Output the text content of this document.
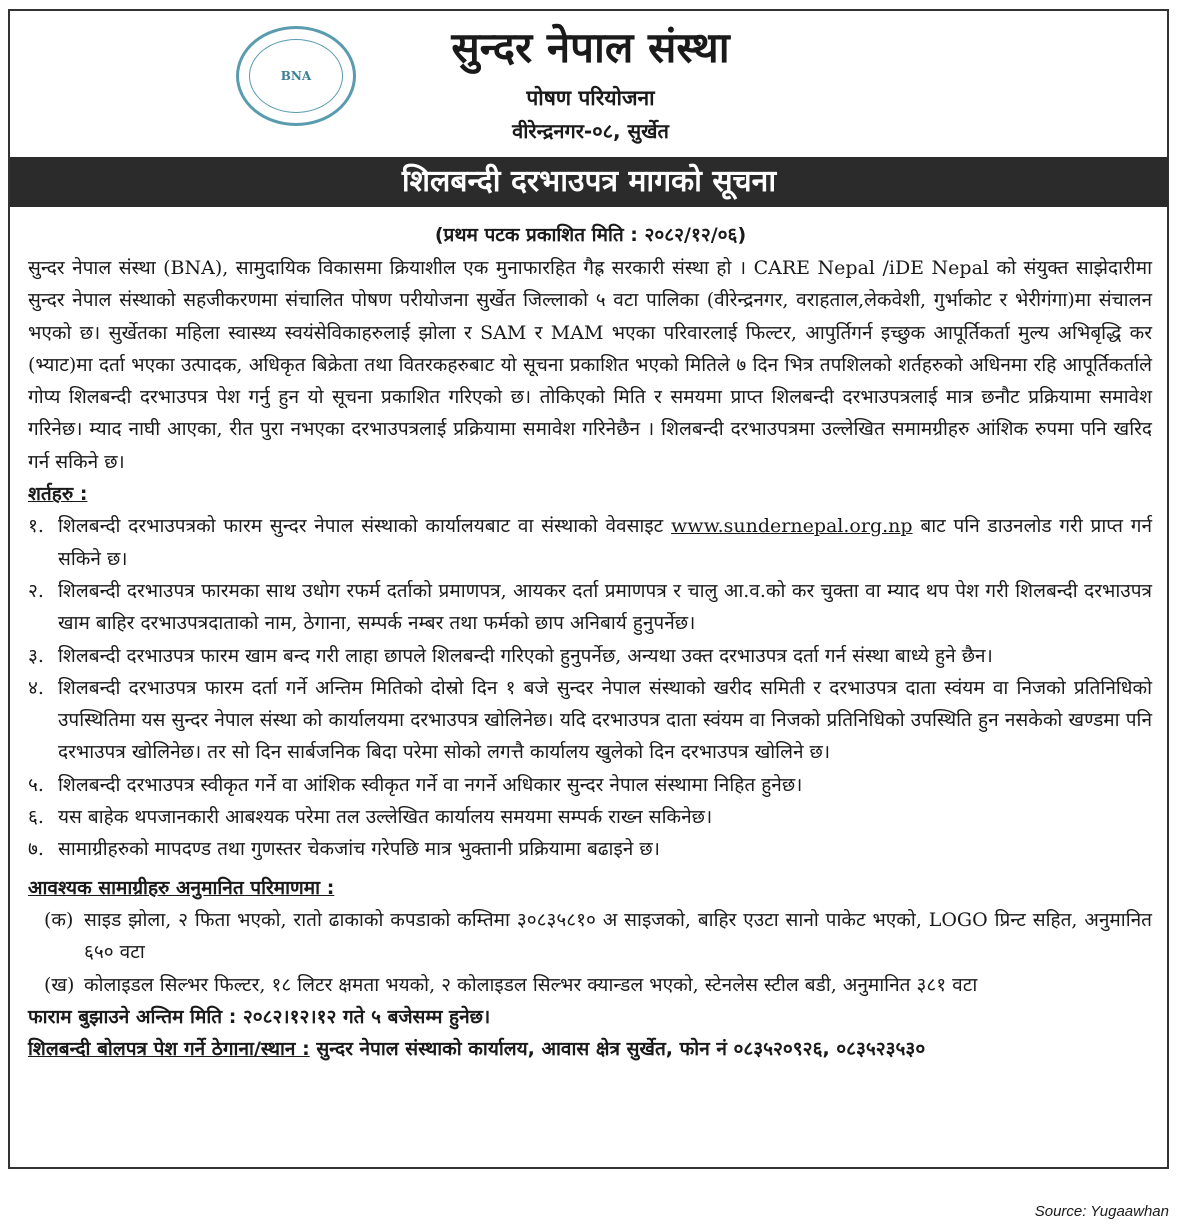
BNA
सुन्दर नेपाल संस्था
पोषण परियोजना
वीरेन्द्रनगर-०८, सुर्खेत
शिलबन्दी दरभाउपत्र मागको सूचना
(प्रथम पटक प्रकाशित मिति : २०८२/१२/०६)

सुन्दर नेपाल संस्था (BNA), सामुदायिक विकासमा क्रियाशील एक मुनाफारहित गैह्र सरकारी संस्था हो । CARE Nepal /iDE Nepal को संयुक्त साझेदारीमा सुन्दर नेपाल संस्थाको सहजीकरणमा संचालित पोषण परीयोजना सुर्खेत जिल्लाको ५ वटा पालिका (वीरेन्द्रनगर, वराहताल,लेकवेशी, गुर्भाकोट र भेरीगंगा)मा संचालन भएको छ। सुर्खेतका महिला स्वास्थ्य स्वयंसेविकाहरुलाई झोला र SAM र MAM भएका परिवारलाई फिल्टर, आपुर्तिगर्न इच्छुक आपूर्तिकर्ता मुल्य अभिबृद्धि कर (भ्याट)मा दर्ता भएका उत्पादक, अधिकृत बिक्रेता तथा वितरकहरुबाट यो सूचना प्रकाशित भएको मितिले ७ दिन भित्र तपशिलको शर्तहरुको अधिनमा रहि आपूर्तिकर्ताले गोप्य शिलबन्दी दरभाउपत्र पेश गर्नु हुन यो सूचना प्रकाशित गरिएको छ। तोकिएको मिति र समयमा प्राप्त शिलबन्दी दरभाउपत्रलाई मात्र छनौट प्रक्रियामा समावेश गरिनेछ। म्याद नाघी आएका, रीत पुरा नभएका दरभाउपत्रलाई प्रक्रियामा समावेश गरिनेछैन । शिलबन्दी दरभाउपत्रमा उल्लेखित समामग्रीहरु आंशिक रुपमा पनि खरिद गर्न सकिने छ।

शर्तहरु :
१. शिलबन्दी दरभाउपत्रको फारम सुन्दर नेपाल संस्थाको कार्यालयबाट वा संस्थाको वेवसाइट www.sundernepal.org.np बाट पनि डाउनलोड गरी प्राप्त गर्न सकिने छ।
२. शिलबन्दी दरभाउपत्र फारमका साथ उधोग रफर्म दर्ताको प्रमाणपत्र, आयकर दर्ता प्रमाणपत्र र चालु आ.व.को कर चुक्ता वा म्याद थप पेश गरी शिलबन्दी दरभाउपत्र खाम बाहिर दरभाउपत्रदाताको नाम, ठेगाना, सम्पर्क नम्बर तथा फर्मको छाप अनिबार्य हुनुपर्नेछ।
३. शिलबन्दी दरभाउपत्र फारम खाम बन्द गरी लाहा छापले शिलबन्दी गरिएको हुनुपर्नेछ, अन्यथा उक्त दरभाउपत्र दर्ता गर्न संस्था बाध्ये हुने छैन।
४. शिलबन्दी दरभाउपत्र फारम दर्ता गर्ने अन्तिम मितिको दोस्रो दिन १ बजे सुन्दर नेपाल संस्थाको खरीद समिती र दरभाउपत्र दाता स्वंयम वा निजको प्रतिनिधिको उपस्थितिमा यस सुन्दर नेपाल संस्था को कार्यालयमा दरभाउपत्र खोलिनेछ। यदि दरभाउपत्र दाता स्वंयम वा निजको प्रतिनिधिको उपस्थिति हुन नसकेको खण्डमा पनि दरभाउपत्र खोलिनेछ। तर सो दिन सार्बजनिक बिदा परेमा सोको लगत्तै कार्यालय खुलेको दिन दरभाउपत्र खोलिने छ।
५. शिलबन्दी दरभाउपत्र स्वीकृत गर्ने वा आंशिक स्वीकृत गर्ने वा नगर्ने अधिकार सुन्दर नेपाल संस्थामा निहित हुनेछ।
६. यस बाहेक थपजानकारी आबश्यक परेमा तल उल्लेखित कार्यालय समयमा सम्पर्क राख्न सकिनेछ।
७. सामाग्रीहरुको मापदण्ड तथा गुणस्तर चेकजांच गरेपछि मात्र भुक्तानी प्रक्रियामा बढाइने छ।
आवश्यक सामाग्रीहरु अनुमानित परिमाणमा :
(क) साइड झोला, २ फिता भएको, रातो ढाकाको कपडाको कम्तिमा ३०८३५८१० अ साइजको, बाहिर एउटा सानो पाकेट भएको, LOGO प्रिन्ट सहित, अनुमानित ६५० वटा
(ख) कोलाइडल सिल्भर फिल्टर, १८ लिटर क्षमता भयको, २ कोलाइडल सिल्भर क्यान्डल भएको, स्टेनलेस स्टील बडी, अनुमानित ३८१ वटा
फाराम बुझाउने अन्तिम मिति : २०८२।१२।१२ गते ५ बजेसम्म हुनेछ।
शिलबन्दी बोलपत्र पेश गर्ने ठेगाना/स्थान : सुन्दर नेपाल संस्थाको कार्यालय, आवास क्षेत्र सुर्खेत, फोन नं ०८३५२०९२६, ०८३५२३५३०
Source: Yugaawhan
